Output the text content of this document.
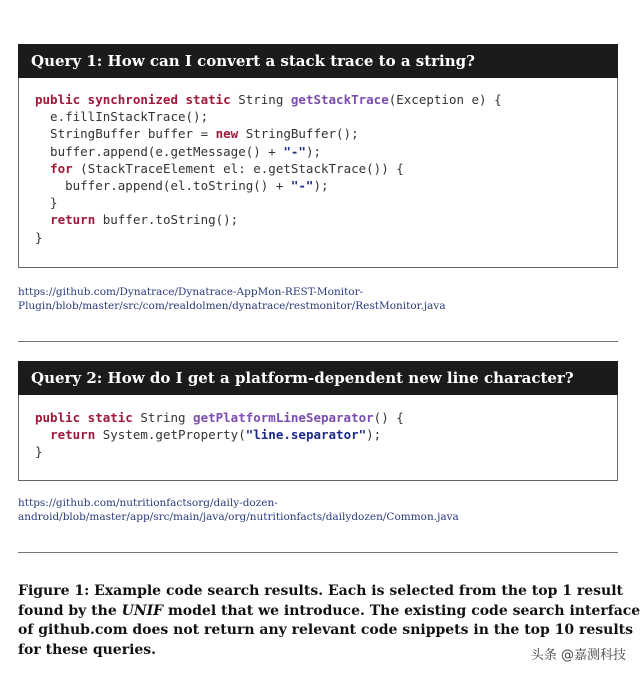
Query 1: How can I convert a stack trace to a string?
public synchronized static String getStackTrace(Exception e) {
e.fillInStackTrace();
StringBuffer buffer = new StringBuffer();
buffer.append(e.getMessage() + "-");
for (StackTraceElement el: e.getStackTrace()) {
buffer.append(el.toString() + "-");
}
return buffer.toString();
}
https://github.com/Dynatrace/Dynatrace-AppMon-REST-Monitor-
Plugin/blob/master/src/com/realdolmen/dynatrace/restmonitor/RestMonitor.java
Query 2: How do I get a platform-dependent new line character?
public static String getPlatformLineSeparator() {
return System.getProperty("line.separator");
}
https://github.com/nutritionfactsorg/daily-dozen-
android/blob/master/app/src/main/java/org/nutritionfacts/dailydozen/Common.java
Figure 1: Example code search results. Each is selected from the top 1 result
found by the UNIF model that we introduce. The existing code search interface
of github.com does not return any relevant code snippets in the top 10 results
for these queries.	头条 @嘉测科技
